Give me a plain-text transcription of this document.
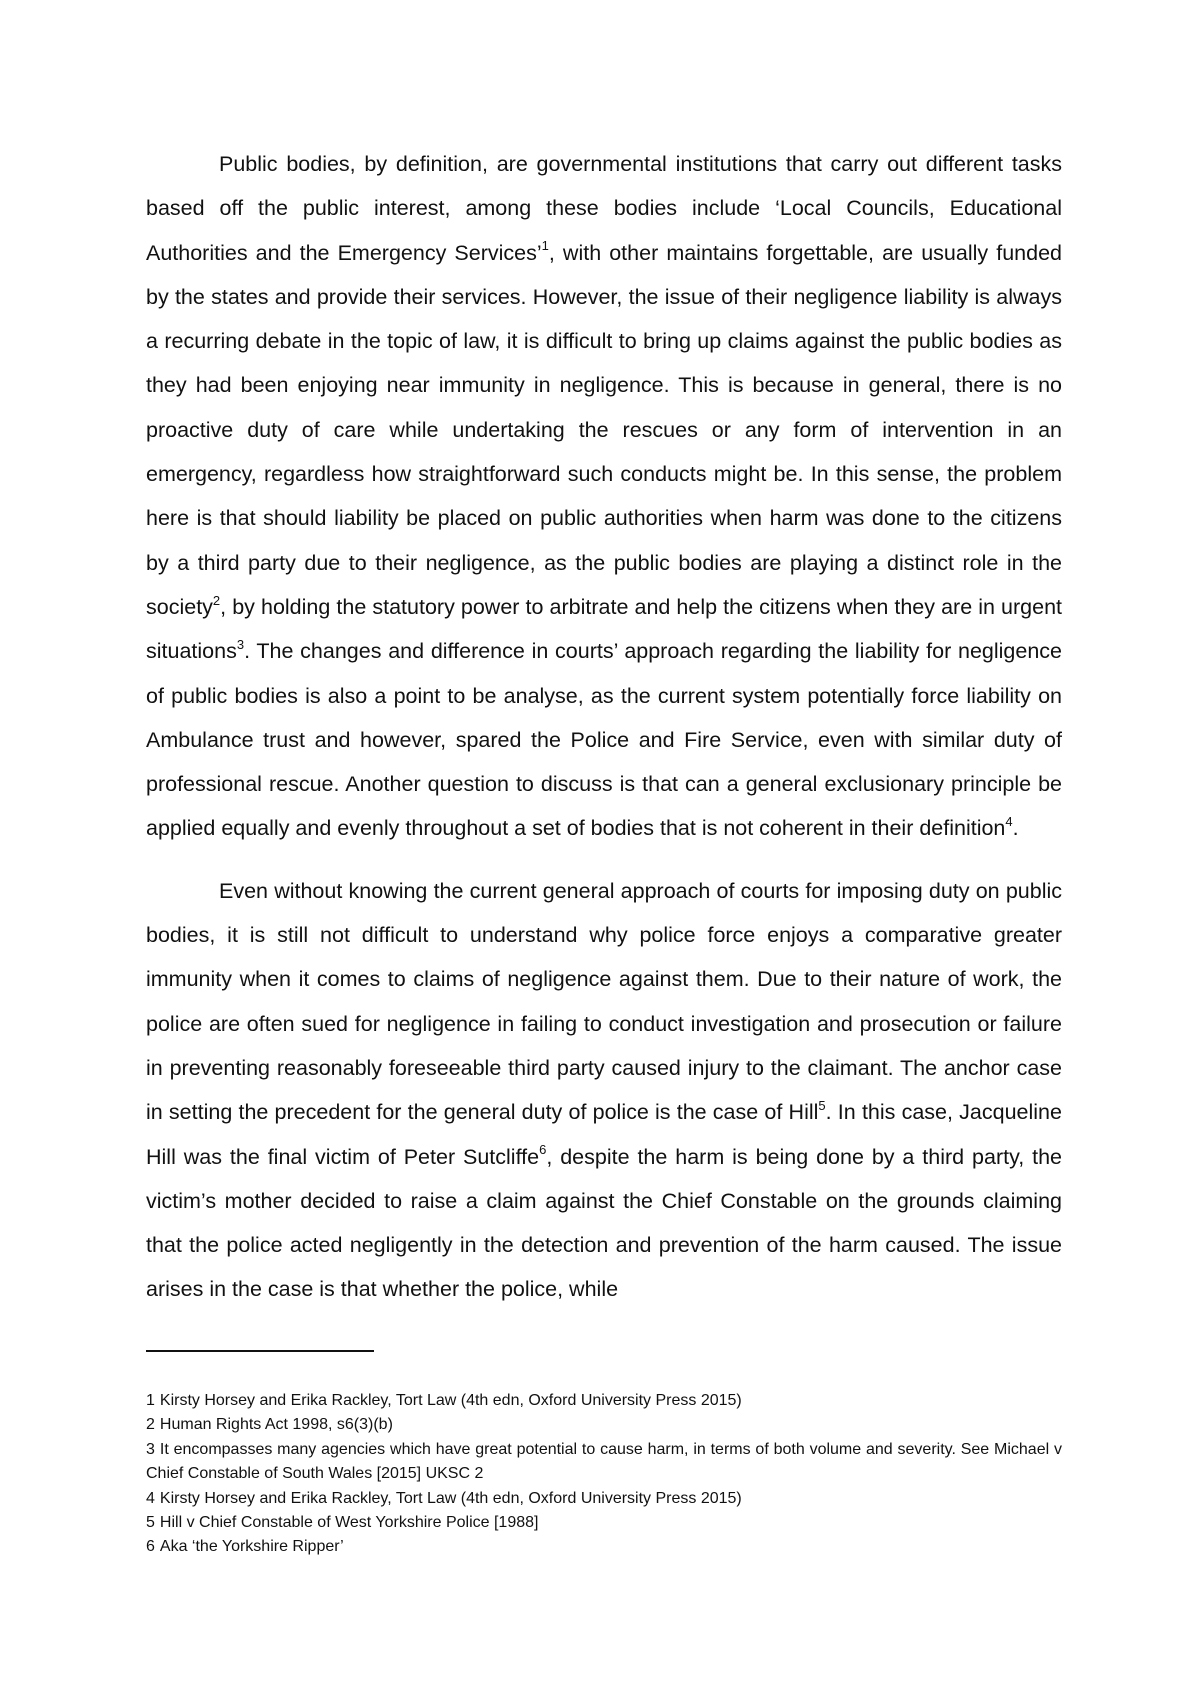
Public bodies, by definition, are governmental institutions that carry out different tasks based off the public interest, among these bodies include ‘Local Councils, Educational Authorities and the Emergency Services’$^1$, with other maintains forgettable, are usually funded by the states and provide their services. However, the issue of their negligence liability is always a recurring debate in the topic of law, it is difficult to bring up claims against the public bodies as they had been enjoying near immunity in negligence. This is because in general, there is no proactive duty of care while undertaking the rescues or any form of intervention in an emergency, regardless how straightforward such conducts might be. In this sense, the problem here is that should liability be placed on public authorities when harm was done to the citizens by a third party due to their negligence, as the public bodies are playing a distinct role in the society$^2$, by holding the statutory power to arbitrate and help the citizens when they are in urgent situations$^3$. The changes and difference in courts’ approach regarding the liability for negligence of public bodies is also a point to be analyse, as the current system potentially force liability on Ambulance trust and however, spared the Police and Fire Service, even with similar duty of professional rescue. Another question to discuss is that can a general exclusionary principle be applied equally and evenly throughout a set of bodies that is not coherent in their definition$^4$.

Even without knowing the current general approach of courts for imposing duty on public bodies, it is still not difficult to understand why police force enjoys a comparative greater immunity when it comes to claims of negligence against them. Due to their nature of work, the police are often sued for negligence in failing to conduct investigation and prosecution or failure in preventing reasonably foreseeable third party caused injury to the claimant. The anchor case in setting the precedent for the general duty of police is the case of Hill$^5$. In this case, Jacqueline Hill was the final victim of Peter Sutcliffe$^6$, despite the harm is being done by a third party, the victim’s mother decided to raise a claim against the Chief Constable on the grounds claiming that the police acted negligently in the detection and prevention of the harm caused. The issue arises in the case is that whether the police, while

1 Kirsty Horsey and Erika Rackley, Tort Law (4th edn, Oxford University Press 2015)

2 Human Rights Act 1998, s6(3)(b)

3 It encompasses many agencies which have great potential to cause harm, in terms of both volume and severity. See Michael v Chief Constable of South Wales [2015] UKSC 2

4 Kirsty Horsey and Erika Rackley, Tort Law (4th edn, Oxford University Press 2015)

5 Hill v Chief Constable of West Yorkshire Police [1988]

6 Aka ‘the Yorkshire Ripper’
